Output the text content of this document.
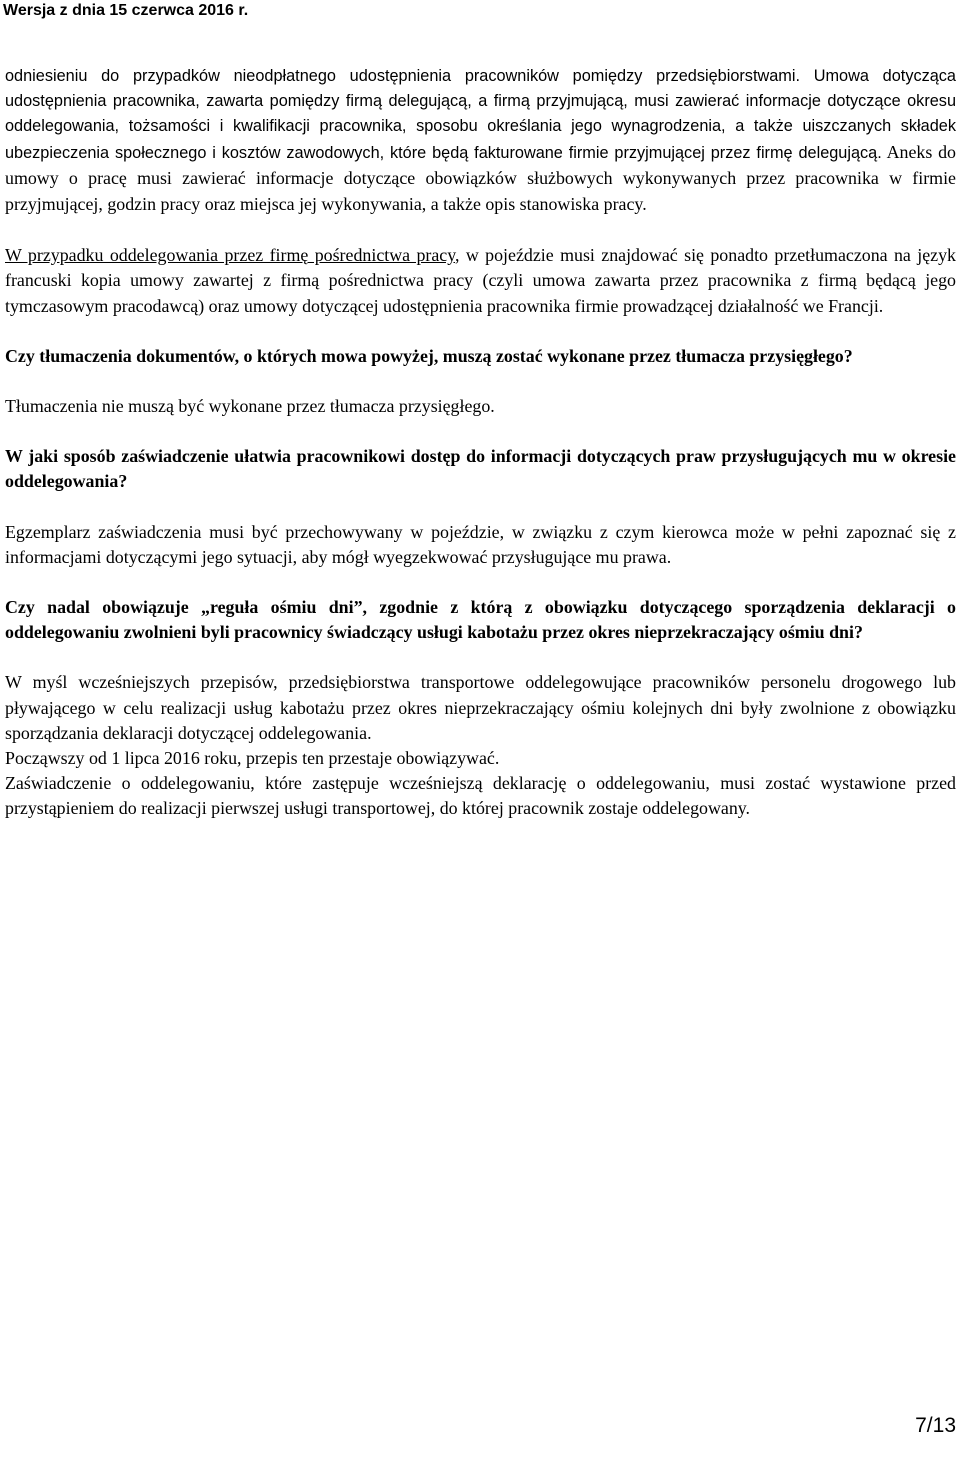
Wersja z dnia 15 czerwca 2016 r.

odniesieniu do przypadków nieodpłatnego udostępnienia pracowników pomiędzy przedsiębiorstwami. Umowa dotycząca udostępnienia pracownika, zawarta pomiędzy firmą delegującą, a firmą przyjmującą, musi zawierać informacje dotyczące okresu oddelegowania, tożsamości i kwalifikacji pracownika, sposobu określania jego wynagrodzenia, a także uiszczanych składek ubezpieczenia społecznego i kosztów zawodowych, które będą fakturowane firmie przyjmującej przez firmę delegującą. Aneks do umowy o pracę musi zawierać informacje dotyczące obowiązków służbowych wykonywanych przez pracownika w firmie przyjmującej, godzin pracy oraz miejsca jej wykonywania, a także opis stanowiska pracy.

W przypadku oddelegowania przez firmę pośrednictwa pracy, w pojeździe musi znajdować się ponadto przetłumaczona na język francuski kopia umowy zawartej z firmą pośrednictwa pracy (czyli umowa zawarta przez pracownika z firmą będącą jego tymczasowym pracodawcą) oraz umowy dotyczącej udostępnienia pracownika firmie prowadzącej działalność we Francji.

Czy tłumaczenia dokumentów, o których mowa powyżej, muszą zostać wykonane przez tłumacza przysięgłego?

Tłumaczenia nie muszą być wykonane przez tłumacza przysięgłego.

W jaki sposób zaświadczenie ułatwia pracownikowi dostęp do informacji dotyczących praw przysługujących mu w okresie oddelegowania?

Egzemplarz zaświadczenia musi być przechowywany w pojeździe, w związku z czym kierowca może w pełni zapoznać się z informacjami dotyczącymi jego sytuacji, aby mógł wyegzekwować przysługujące mu prawa.

Czy nadal obowiązuje „reguła ośmiu dni”, zgodnie z którą z obowiązku dotyczącego sporządzenia deklaracji o oddelegowaniu zwolnieni byli pracownicy świadczący usługi kabotażu przez okres nieprzekraczający ośmiu dni?

W myśl wcześniejszych przepisów, przedsiębiorstwa transportowe oddelegowujące pracowników personelu drogowego lub pływającego w celu realizacji usług kabotażu przez okres nieprzekraczający ośmiu kolejnych dni były zwolnione z obowiązku sporządzania deklaracji dotyczącej oddelegowania.

Począwszy od 1 lipca 2016 roku, przepis ten przestaje obowiązywać.

Zaświadczenie o oddelegowaniu, które zastępuje wcześniejszą deklarację o oddelegowaniu, musi zostać wystawione przed przystąpieniem do realizacji pierwszej usługi transportowej, do której pracownik zostaje oddelegowany.

7/13
